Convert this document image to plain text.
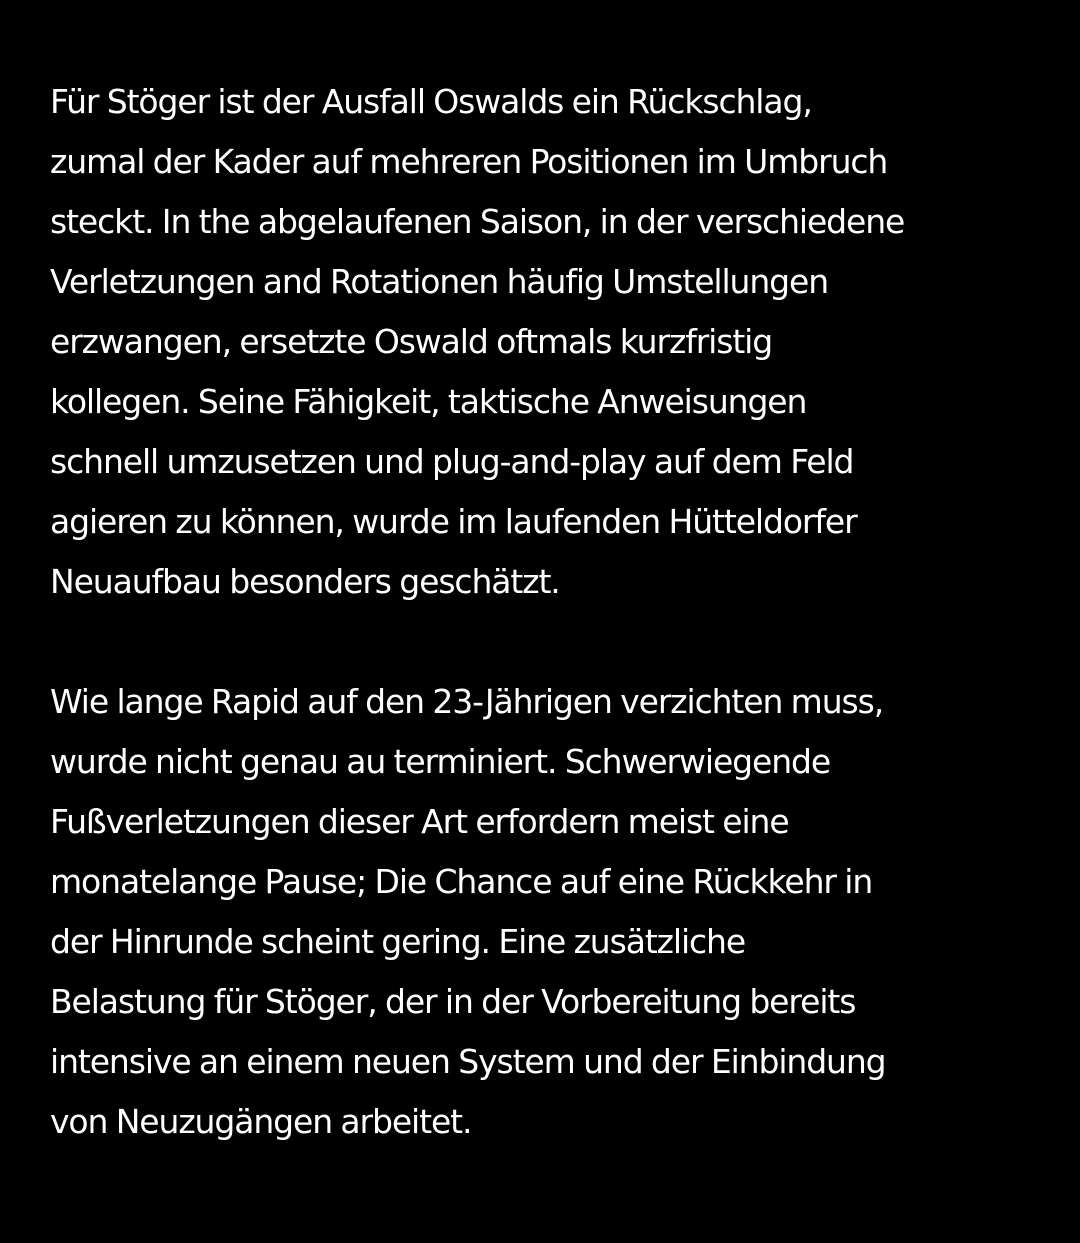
Für Stöger ist der Ausfall Oswalds ein Rückschlag,
zumal der Kader auf mehreren Positionen im Umbruch
steckt. In the abgelaufenen Saison, in der verschiedene
Verletzungen and Rotationen häufig Umstellungen
erzwangen, ersetzte Oswald oftmals kurzfristig
kollegen. Seine Fähigkeit, taktische Anweisungen
schnell umzusetzen und plug-and-play auf dem Feld
agieren zu können, wurde im laufenden Hütteldorfer
Neuaufbau besonders geschätzt.

Wie lange Rapid auf den 23-Jährigen verzichten muss,
wurde nicht genau au terminiert. Schwerwiegende
Fußverletzungen dieser Art erfordern meist eine
monatelange Pause; Die Chance auf eine Rückkehr in
der Hinrunde scheint gering. Eine zusätzliche
Belastung für Stöger, der in der Vorbereitung bereits
intensive an einem neuen System und der Einbindung
von Neuzugängen arbeitet.
